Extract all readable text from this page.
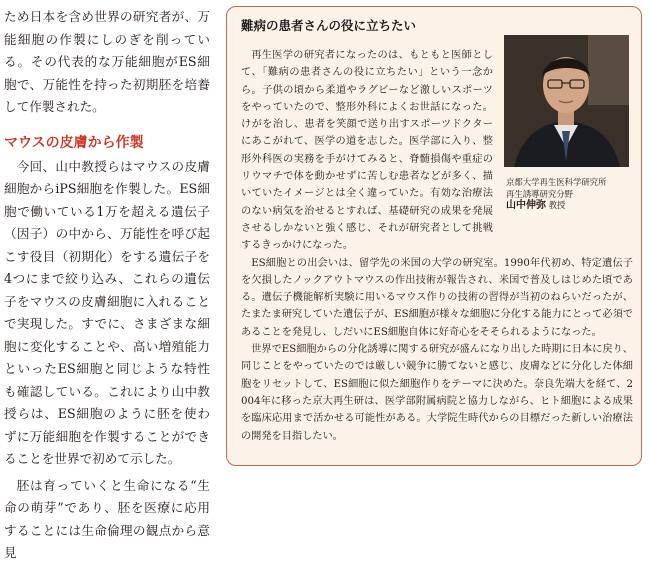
ため日本を含め世界の研究者が、万能細胞の作製にしのぎを削っている。その代表的な万能細胞がES細胞で、万能性を持った初期胚を培養して作製された。

マウスの皮膚から作製

今回、山中教授らはマウスの皮膚細胞からiPS細胞を作製した。ES細胞で働いている1万を超える遺伝子（因子）の中から、万能性を呼び起こす役目（初期化）をする遺伝子を4つにまで絞り込み、これらの遺伝子をマウスの皮膚細胞に入れることで実現した。すでに、さまざまな細胞に変化することや、高い増殖能力といったES細胞と同じような特性も確認している。これにより山中教授らは、ES細胞のように胚を使わずに万能細胞を作製することができることを世界で初めて示した。

胚は育っていくと生命になる“生命の萌芽”であり、胚を医療に応用することには生命倫理の観点から意見

難病の患者さんの役に立ちたい
京都大学再生医科学研究所
再生誘導研究分野
山中伸弥 教授

再生医学の研究者になったのは、もともと医師として、「難病の患者さんの役に立ちたい」という一念から。子供の頃から柔道やラグビーなど激しいスポーツをやっていたので、整形外科によくお世話になった。けがを治し、患者を笑顔で送り出すスポーツドクターにあこがれて、医学の道を志した。医学部に入り、整形外科医の実務を手がけてみると、脊髄損傷や重症のリウマチで体を動かせずに苦しむ患者などが多く、描いていたイメージとは全く違っていた。有効な治療法のない病気を治せるとすれば、基礎研究の成果を発展させるしかないと強く感じ、それが研究者として挑戦するきっかけになった。

ES細胞との出会いは、留学先の米国の大学の研究室。1990年代初め、特定遺伝子を欠損したノックアウトマウスの作出技術が報告され、米国で普及しはじめた頃である。遺伝子機能解析実験に用いるマウス作りの技術の習得が当初のねらいだったが、たまたま研究していた遺伝子が、ES細胞が様々な細胞に分化する能力にとって必須であることを発見し、しだいにES細胞自体に好奇心をそそられるようになった。

世界でES細胞からの分化誘導に関する研究が盛んになり出した時期に日本に戻り、同じことをやっていたのでは厳しい競争に勝てないと感じ、皮膚などに分化した体細胞をリセットして、ES細胞に似た細胞作りをテーマに決めた。奈良先端大を経て、2004年に移った京大再生研は、医学部附属病院と協力しながら、ヒト細胞による成果を臨床応用まで活かせる可能性がある。大学院生時代からの目標だった新しい治療法の開発を目指したい。
